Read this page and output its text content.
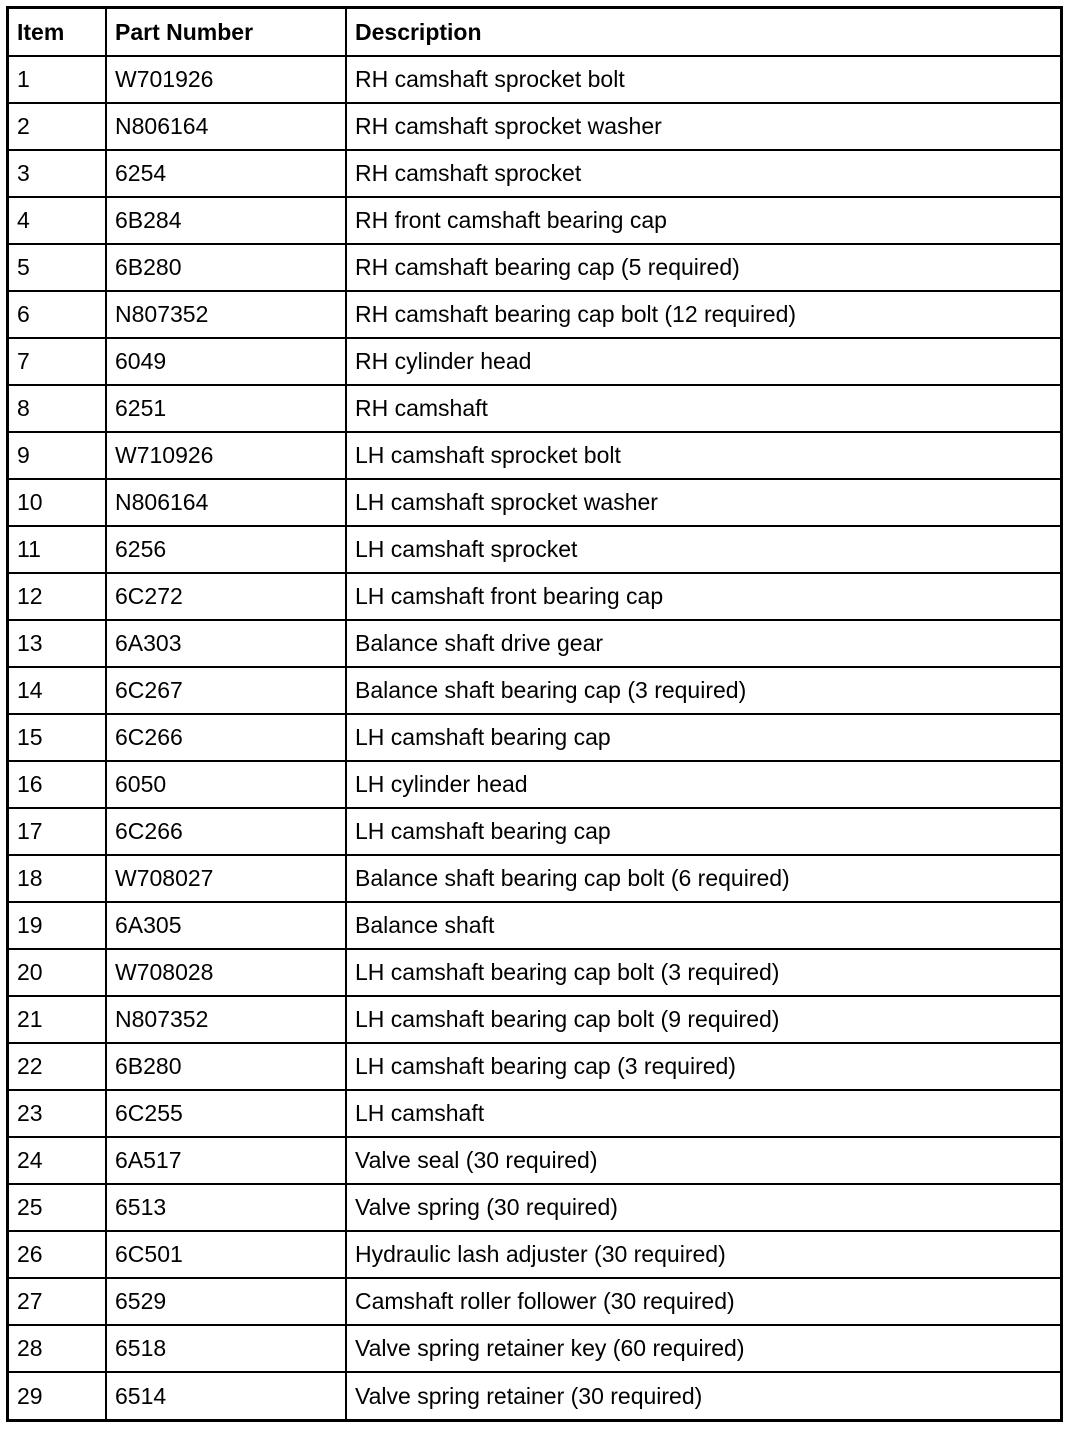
Item	Part Number	Description
1	W701926	RH camshaft sprocket bolt
2	N806164	RH camshaft sprocket washer
3	6254	RH camshaft sprocket
4	6B284	RH front camshaft bearing cap
5	6B280	RH camshaft bearing cap (5 required)
6	N807352	RH camshaft bearing cap bolt (12 required)
7	6049	RH cylinder head
8	6251	RH camshaft
9	W710926	LH camshaft sprocket bolt
10	N806164	LH camshaft sprocket washer
11	6256	LH camshaft sprocket
12	6C272	LH camshaft front bearing cap
13	6A303	Balance shaft drive gear
14	6C267	Balance shaft bearing cap (3 required)
15	6C266	LH camshaft bearing cap
16	6050	LH cylinder head
17	6C266	LH camshaft bearing cap
18	W708027	Balance shaft bearing cap bolt (6 required)
19	6A305	Balance shaft
20	W708028	LH camshaft bearing cap bolt (3 required)
21	N807352	LH camshaft bearing cap bolt (9 required)
22	6B280	LH camshaft bearing cap (3 required)
23	6C255	LH camshaft
24	6A517	Valve seal (30 required)
25	6513	Valve spring (30 required)
26	6C501	Hydraulic lash adjuster (30 required)
27	6529	Camshaft roller follower (30 required)
28	6518	Valve spring retainer key (60 required)
29	6514	Valve spring retainer (30 required)
